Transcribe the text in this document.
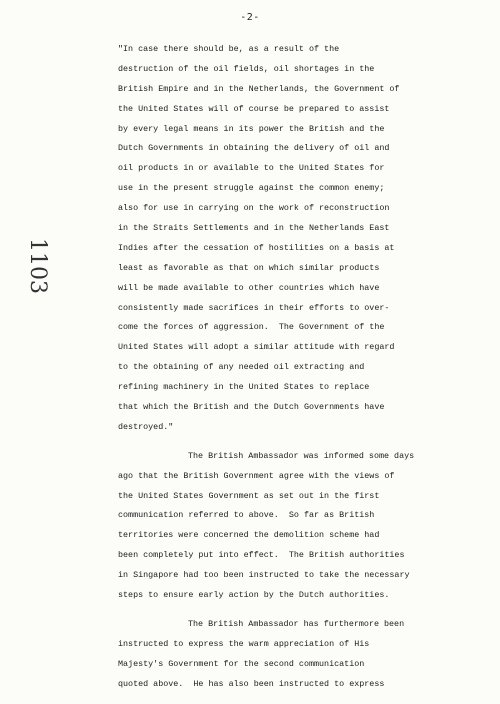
-2-
1103
"In case there should be, as a result of the
destruction of the oil fields, oil shortages in the
British Empire and in the Netherlands, the Government of
the United States will of course be prepared to assist
by every legal means in its power the British and the
Dutch Governments in obtaining the delivery of oil and
oil products in or available to the United States for
use in the present struggle against the common enemy;
also for use in carrying on the work of reconstruction
in the Straits Settlements and in the Netherlands East
Indies after the cessation of hostilities on a basis at
least as favorable as that on which similar products
will be made available to other countries which have
consistently made sacrifices in their efforts to over-
come the forces of aggression.  The Government of the
United States will adopt a similar attitude with regard
to the obtaining of any needed oil extracting and
refining machinery in the United States to replace
that which the British and the Dutch Governments have
destroyed."
The British Ambassador was informed some days
ago that the British Government agree with the views of
the United States Government as set out in the first
communication referred to above.  So far as British
territories were concerned the demolition scheme had
been completely put into effect.  The British authorities
in Singapore had too been instructed to take the necessary
steps to ensure early action by the Dutch authorities.
The British Ambassador has furthermore been
instructed to express the warm appreciation of His
Majesty's Government for the second communication
quoted above.  He has also been instructed to express
